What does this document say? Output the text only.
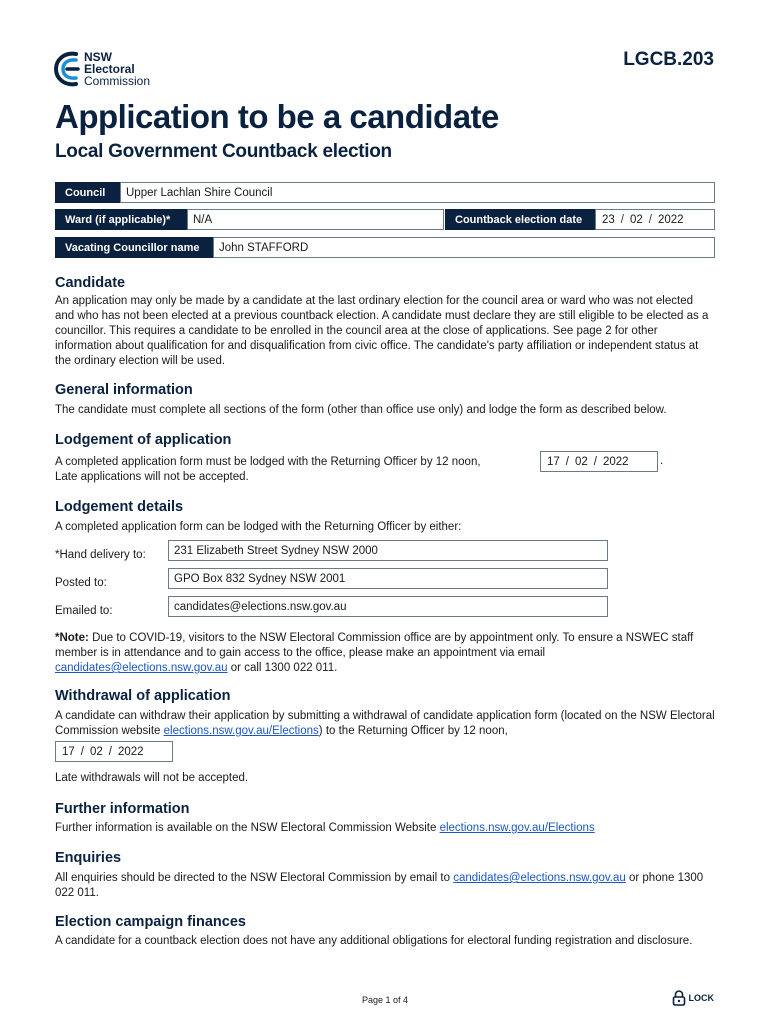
NSW
Electoral
Commission
LGCB.203
Application to be a candidate
Local Government Countback election
Council	Upper Lachlan Shire Council
Ward (if applicable)*	N/A	Countback election date	23 / 02 / 2022
Vacating Councillor name	John STAFFORD
Candidate

An application may only be made by a candidate at the last ordinary election for the council area or ward who was not elected and who has not been elected at a previous countback election. A candidate must declare they are still eligible to be elected as a councillor. This requires a candidate to be enrolled in the council area at the close of applications. See page 2 for other information about qualification for and disqualification from civic office. The candidate's party affiliation or independent status at the ordinary election will be used.

General information

The candidate must complete all sections of the form (other than office use only) and lodge the form as described below.

Lodgement of application

A completed application form must be lodged with the Returning Officer by 12 noon,	17 / 02 / 2022	.

Late applications will not be accepted.

Lodgement details

A completed application form can be lodged with the Returning Officer by either:

*Hand delivery to:	231 Elizabeth Street Sydney NSW 2000
Posted to:	GPO Box 832 Sydney NSW 2001
Emailed to:	candidates@elections.nsw.gov.au

*Note: Due to COVID-19, visitors to the NSW Electoral Commission office are by appointment only. To ensure a NSWEC staff member is in attendance and to gain access to the office, please make an appointment via email candidates@elections.nsw.gov.au or call 1300 022 011.

Withdrawal of application

A candidate can withdraw their application by submitting a withdrawal of candidate application form (located on the NSW Electoral Commission website elections.nsw.gov.au/Elections) to the Returning Officer by 12 noon,

17 / 02 / 2022

Late withdrawals will not be accepted.

Further information

Further information is available on the NSW Electoral Commission Website elections.nsw.gov.au/Elections

Enquiries

All enquiries should be directed to the NSW Electoral Commission by email to candidates@elections.nsw.gov.au or phone 1300 022 011.

Election campaign finances

A candidate for a countback election does not have any additional obligations for electoral funding registration and disclosure.

Page 1 of 4	LOCK
